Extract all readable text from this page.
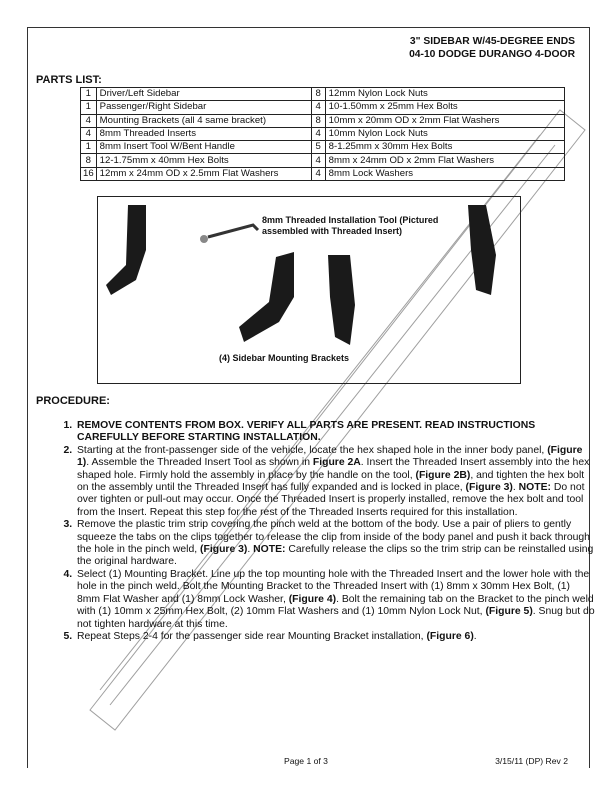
3" SIDEBAR W/45-DEGREE ENDS
04-10 DODGE DURANGO 4-DOOR
PARTS LIST:
1	Driver/Left Sidebar	8	12mm Nylon Lock Nuts
1	Passenger/Right Sidebar	4	10-1.50mm x 25mm Hex Bolts
4	Mounting Brackets (all 4 same bracket)	8	10mm x 20mm OD x 2mm Flat Washers
4	8mm Threaded Inserts	4	10mm Nylon Lock Nuts
1	8mm Insert Tool W/Bent Handle	5	8-1.25mm x 30mm Hex Bolts
8	12-1.75mm x 40mm Hex Bolts	4	8mm x 24mm OD x 2mm Flat Washers
16	12mm x 24mm OD x 2.5mm Flat Washers	4	8mm Lock Washers
8mm Threaded Installation Tool (Pictured assembled with Threaded Insert)
(4) Sidebar Mounting Brackets
PROCEDURE:
1. REMOVE CONTENTS FROM BOX. VERIFY ALL PARTS ARE PRESENT. READ INSTRUCTIONS CAREFULLY BEFORE STARTING INSTALLATION.
2. Starting at the front-passenger side of the vehicle, locate the hex shaped hole in the inner body panel, (Figure 1). Assemble the Threaded Insert Tool as shown in Figure 2A. Insert the Threaded Insert assembly into the hex shaped hole. Firmly hold the assembly in place by the handle on the tool, (Figure 2B), and tighten the hex bolt on the assembly until the Threaded Insert has fully expanded and is locked in place, (Figure 3). NOTE: Do not over tighten or pull-out may occur. Once the Threaded Insert is properly installed, remove the hex bolt and tool from the Insert. Repeat this step for the rest of the Threaded Inserts required for this installation.
3. Remove the plastic trim strip covering the pinch weld at the bottom of the body. Use a pair of pliers to gently squeeze the tabs on the clips together to release the clip from inside of the body panel and push it back through the hole in the pinch weld, (Figure 3). NOTE: Carefully release the clips so the trim strip can be reinstalled using the original hardware.
4. Select (1) Mounting Bracket. Line up the top mounting hole with the Threaded Insert and the lower hole with the hole in the pinch weld. Bolt the Mounting Bracket to the Threaded Insert with (1) 8mm x 30mm Hex Bolt, (1) 8mm Flat Washer and (1) 8mm Lock Washer, (Figure 4). Bolt the remaining tab on the Bracket to the pinch weld with (1) 10mm x 25mm Hex Bolt, (2) 10mm Flat Washers and (1) 10mm Nylon Lock Nut, (Figure 5). Snug but do not tighten hardware at this time.
5. Repeat Steps 2-4 for the passenger side rear Mounting Bracket installation, (Figure 6).
Page 1 of 3	3/15/11 (DP) Rev 2
